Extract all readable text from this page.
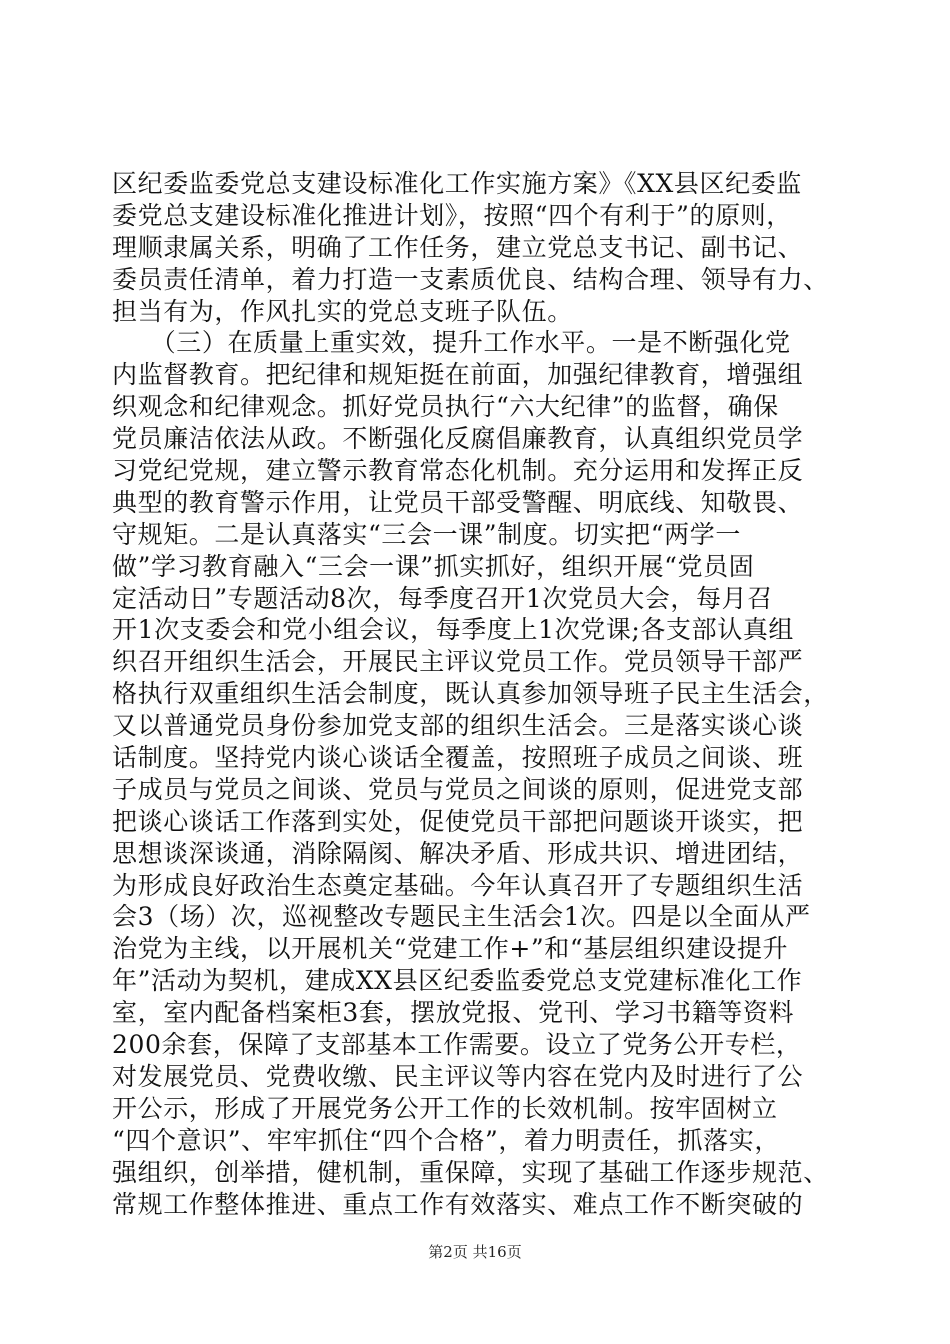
区纪委监委党总支建设标准化工作实施方案》《XX县区纪委监
委党总支建设标准化推进计划》，按照“四个有利于”的原则，
理顺隶属关系，明确了工作任务，建立党总支书记、副书记、
委员责任清单，着力打造一支素质优良、结构合理、领导有力、
担当有为，作风扎实的党总支班子队伍。
　　（三）在质量上重实效，提升工作水平。一是不断强化党
内监督教育。把纪律和规矩挺在前面，加强纪律教育，增强组
织观念和纪律观念。抓好党员执行“六大纪律”的监督，确保
党员廉洁依法从政。不断强化反腐倡廉教育，认真组织党员学
习党纪党规，建立警示教育常态化机制。充分运用和发挥正反
典型的教育警示作用，让党员干部受警醒、明底线、知敬畏、
守规矩。二是认真落实“三会一课”制度。切实把“两学一
做”学习教育融入“三会一课”抓实抓好，组织开展“党员固
定活动日”专题活动8次，每季度召开1次党员大会，每月召
开1次支委会和党小组会议，每季度上1次党课;各支部认真组
织召开组织生活会，开展民主评议党员工作。党员领导干部严
格执行双重组织生活会制度，既认真参加领导班子民主生活会，
又以普通党员身份参加党支部的组织生活会。三是落实谈心谈
话制度。坚持党内谈心谈话全覆盖，按照班子成员之间谈、班
子成员与党员之间谈、党员与党员之间谈的原则，促进党支部
把谈心谈话工作落到实处，促使党员干部把问题谈开谈实，把
思想谈深谈通，消除隔阂、解决矛盾、形成共识、增进团结，
为形成良好政治生态奠定基础。今年认真召开了专题组织生活
会3（场）次，巡视整改专题民主生活会1次。四是以全面从严
治党为主线，以开展机关“党建工作+”和“基层组织建设提升
年”活动为契机，建成XX县区纪委监委党总支党建标准化工作
室，室内配备档案柜3套，摆放党报、党刊、学习书籍等资料
200余套，保障了支部基本工作需要。设立了党务公开专栏，
对发展党员、党费收缴、民主评议等内容在党内及时进行了公
开公示，形成了开展党务公开工作的长效机制。按牢固树立
“四个意识”、牢牢抓住“四个合格”，着力明责任，抓落实，
强组织，创举措，健机制，重保障，实现了基础工作逐步规范、
常规工作整体推进、重点工作有效落实、难点工作不断突破的
第2页 共16页
